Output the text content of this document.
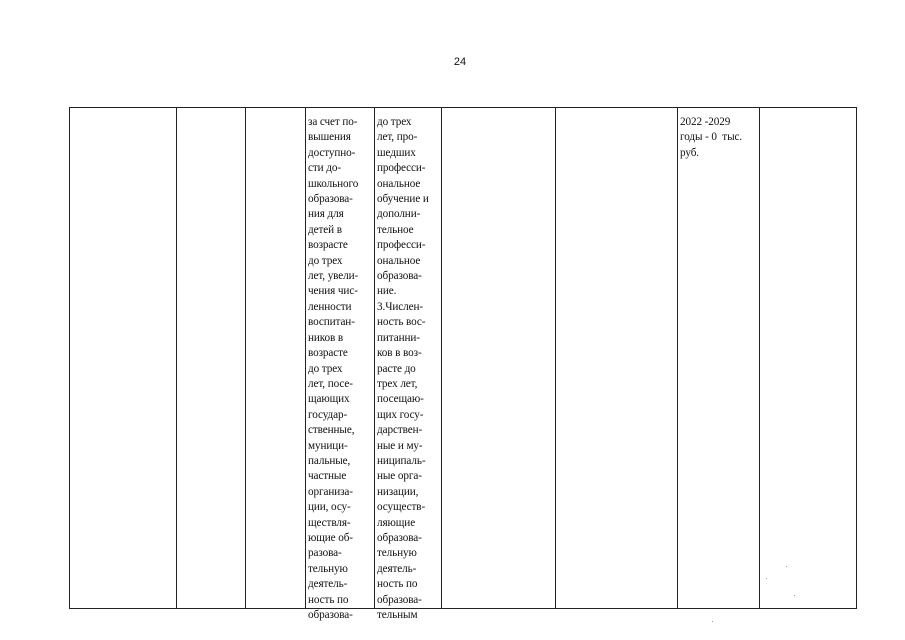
24
за счет по-
вышения
доступно-
сти до-
школьного
образова-
ния для
детей в
возрасте
до трех
лет, увели-
чения чис-
ленности
воспитан-
ников в
возрасте
до трех
лет, посе-
щающих
государ-
ственные,
муници-
пальные,
частные
организа-
ции, осу-
ществля-
ющие об-
разова-
тельную
деятель-
ность по
образова-
до трех
лет, про-
шедших
професси-
ональное
обучение и
дополни-
тельное
професси-
ональное
образова-
ние.
3.Числен-
ность вос-
питанни-
ков в воз-
расте до
трех лет,
посещаю-
щих госу-
дарствен-
ные и му-
ниципаль-
ные орга-
низации,
осуществ-
ляющие
образова-
тельную
деятель-
ность по
образова-
тельным
2022 -2029
годы - 0  тыс.
руб.
